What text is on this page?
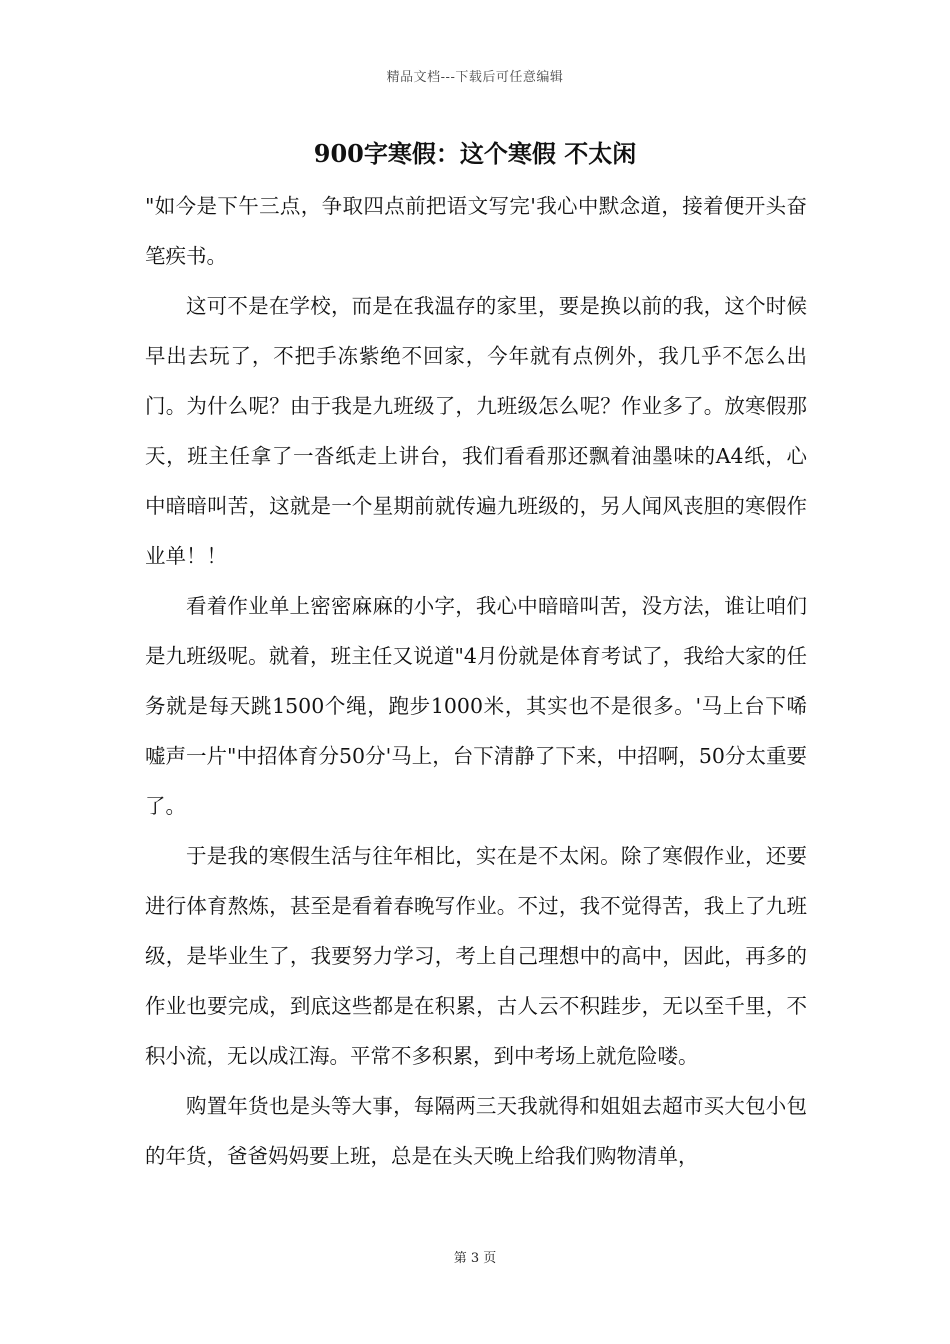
精品文档---下载后可任意编辑
900字寒假：这个寒假 不太闲

"如今是下午三点，争取四点前把语文写完'我心中默念道，接着便开头奋笔疾书。

这可不是在学校，而是在我温存的家里，要是换以前的我，这个时候早出去玩了，不把手冻紫绝不回家，今年就有点例外，我几乎不怎么出门。为什么呢？由于我是九班级了，九班级怎么呢？作业多了。放寒假那天，班主任拿了一沓纸走上讲台，我们看看那还飘着油墨味的A4纸，心中暗暗叫苦，这就是一个星期前就传遍九班级的，另人闻风丧胆的寒假作业单！！

看着作业单上密密麻麻的小字，我心中暗暗叫苦，没方法，谁让咱们是九班级呢。就着，班主任又说道"4月份就是体育考试了，我给大家的任务就是每天跳1500个绳，跑步1000米，其实也不是很多。'马上台下唏嘘声一片"中招体育分50分'马上，台下清静了下来，中招啊，50分太重要了。

于是我的寒假生活与往年相比，实在是不太闲。除了寒假作业，还要进行体育熬炼，甚至是看着春晚写作业。不过，我不觉得苦，我上了九班级，是毕业生了，我要努力学习，考上自己理想中的高中，因此，再多的作业也要完成，到底这些都是在积累，古人云不积跬步，无以至千里，不积小流，无以成江海。平常不多积累，到中考场上就危险喽。

购置年货也是头等大事，每隔两三天我就得和姐姐去超市买大包小包的年货，爸爸妈妈要上班，总是在头天晚上给我们购物清单，

第 3 页
